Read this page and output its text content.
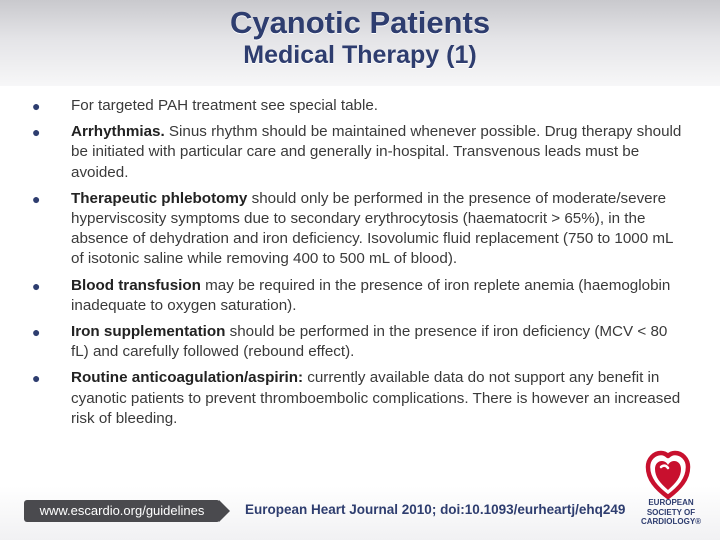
Cyanotic Patients
Medical Therapy (1)
● For targeted PAH treatment see special table.
● Arrhythmias. Sinus rhythm should be maintained whenever possible. Drug therapy should be initiated with particular care and generally in-hospital. Transvenous leads must be avoided.
● Therapeutic phlebotomy should only be performed in the presence of moderate/severe hyperviscosity symptoms due to secondary erythrocytosis (haematocrit > 65%), in the absence of dehydration and iron deficiency. Isovolumic fluid replacement (750 to 1000 mL of isotonic saline while removing 400 to 500 mL of blood).
● Blood transfusion may be required in the presence of iron replete anemia (haemoglobin inadequate to oxygen saturation).
● Iron supplementation should be performed in the presence if iron deficiency (MCV < 80 fL) and carefully followed (rebound effect).
● Routine anticoagulation/aspirin: currently available data do not support any benefit in cyanotic patients to prevent thromboembolic complications. There is however an increased risk of bleeding.
www.escardio.org/guidelines	European Heart Journal 2010; doi:10.1093/eurheartj/ehq249	EUROPEAN
SOCIETY OF
CARDIOLOGY®
